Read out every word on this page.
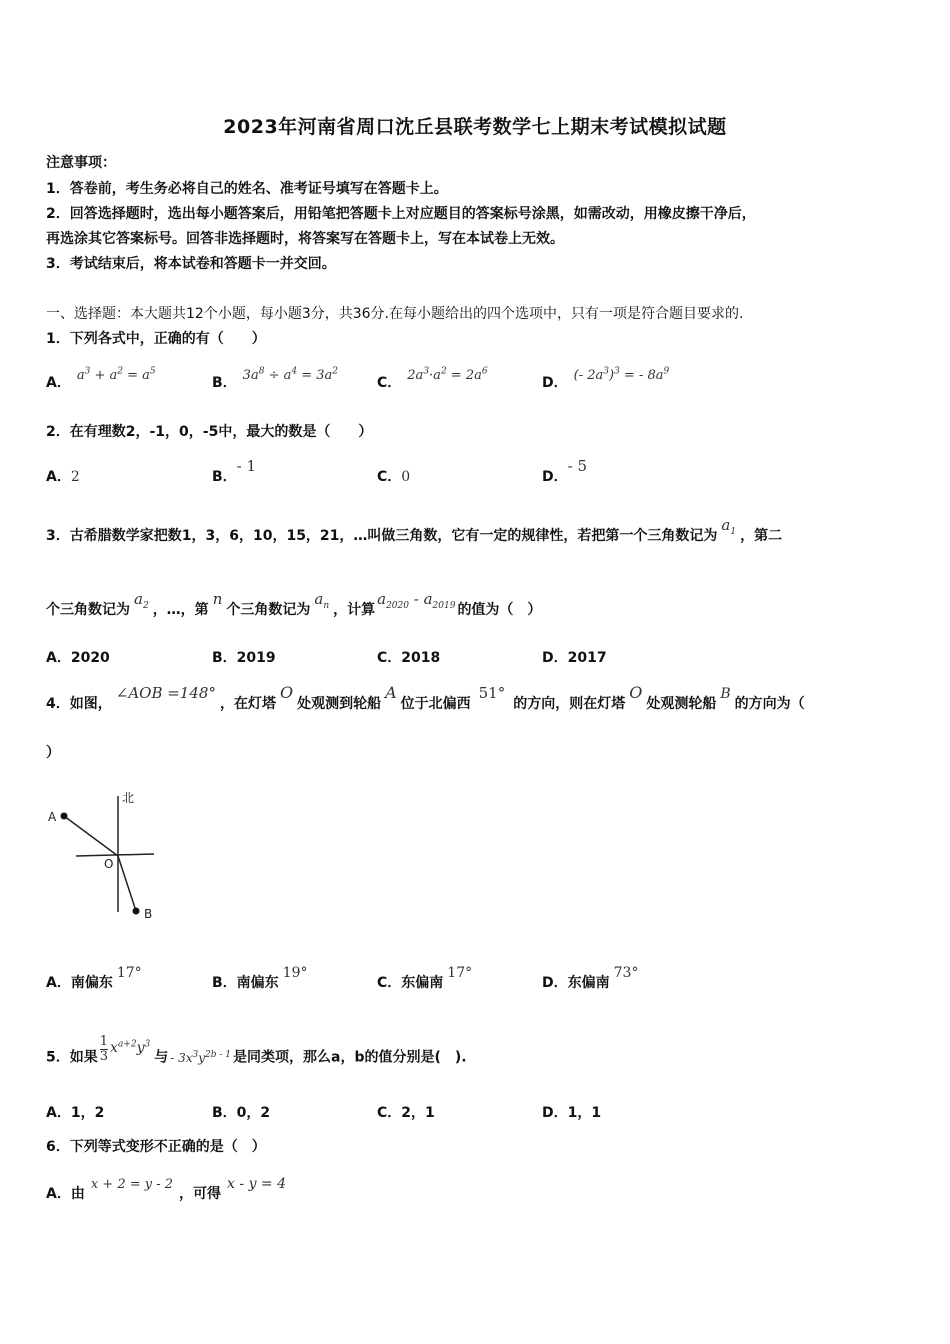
2023年河南省周口沈丘县联考数学七上期末考试模拟试题
注意事项：
1．答卷前，考生务必将自己的姓名、准考证号填写在答题卡上。
2．回答选择题时，选出每小题答案后，用铅笔把答题卡上对应题目的答案标号涂黑，如需改动，用橡皮擦干净后，
再选涂其它答案标号。回答非选择题时，将答案写在答题卡上，写在本试卷上无效。
3．考试结束后，将本试卷和答题卡一并交回。
一、选择题：本大题共12个小题，每小题3分，共36分.在每小题给出的四个选项中，只有一项是符合题目要求的.
1．下列各式中，正确的有（　　）
A． $a^3 + a^2 = a^5$
B． $3a^8 \div a^4 = 3a^2$
C． $2a^3\cdot a^2 = 2a^6$
D． (- $2a^3)^3$ = - $8a^9$
2．在有理数2，-1，0，-5中，最大的数是（　　）
A．2	B．- 1
C．0	D．- 5
3．古希腊数学家把数1，3，6，10，15，21，…叫做三角数，它有一定的规律性，若把第一个三角数记为$a_1$ ，第二
个三角数记为$a_2$ ，…，第n个三角数记为$a_n$ ，计算$a_{2020} - a_{2019}$ 的值为（　）
A．2020	B．2019	C．2018	D．2017
4．如图，∠AOB =148°，在灯塔O处观测到轮船A位于北偏西51°的方向，则在灯塔O处观测轮船B的方向为（
）
北
A
O
B
A．南偏东17°
B．南偏东19°
C．东偏南17°
D．东偏南73°
5．如果 $\frac{1}{3} x^{a+2}y^3$与 - $3x^3y^{2b - 1}$ 是同类项，那么a，b的值分别是(　).
A．1，2	B．0，2	C．2，1	D．1，1
6．下列等式变形不正确的是（　）
A．由x + 2 = y - 2，可得x - y = 4
